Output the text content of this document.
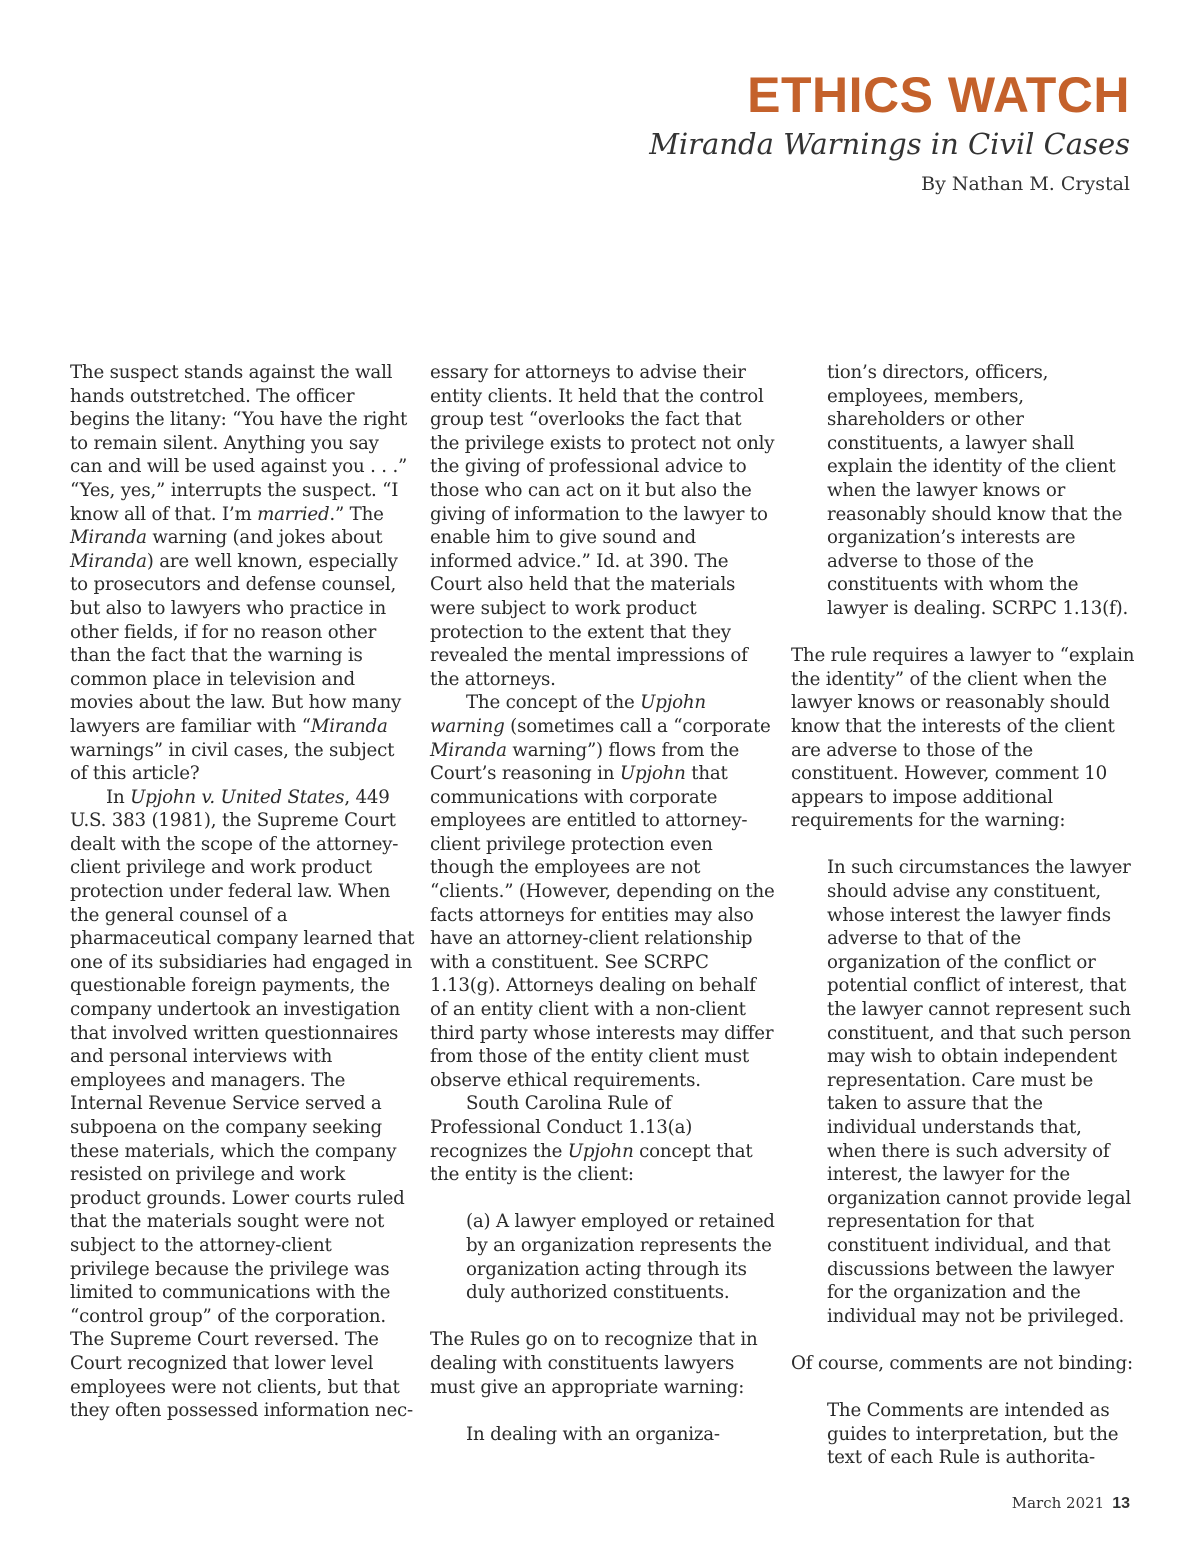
ETHICS WATCH
Miranda Warnings in Civil Cases
By Nathan M. Crystal

The suspect stands against the wall hands outstretched. The officer begins the litany: “You have the right to remain silent. Anything you say can and will be used against you . . .” “Yes, yes,” interrupts the suspect. “I know all of that. I’m married.” The Miranda warning (and jokes about Miranda) are well known, especially to prosecutors and defense counsel, but also to lawyers who practice in other fields, if for no reason other than the fact that the warning is common place in television and movies about the law. But how many lawyers are familiar with “Miranda warnings” in civil cases, the subject of this article?

In Upjohn v. United States, 449 U.S. 383 (1981), the Supreme Court dealt with the scope of the attorney-client privilege and work product protection under federal law. When the general counsel of a pharmaceutical company learned that one of its subsidiaries had engaged in questionable foreign payments, the company undertook an investigation that involved written questionnaires and personal interviews with employees and managers. The Internal Revenue Service served a subpoena on the company seeking these materials, which the company resisted on privilege and work product grounds. Lower courts ruled that the materials sought were not subject to the attorney-client privilege because the privilege was limited to communications with the “control group” of the corporation. The Supreme Court reversed. The Court recognized that lower level employees were not clients, but that they often possessed information nec-

essary for attorneys to advise their entity clients. It held that the control group test “overlooks the fact that the privilege exists to protect not only the giving of professional advice to those who can act on it but also the giving of information to the lawyer to enable him to give sound and informed advice.” Id. at 390. The Court also held that the materials were subject to work product protection to the extent that they revealed the mental impressions of the attorneys.

The concept of the Upjohn warning (sometimes call a “corporate Miranda warning”) flows from the Court’s reasoning in Upjohn that communications with corporate employees are entitled to attorney-client privilege protection even though the employees are not “clients.” (However, depending on the facts attorneys for entities may also have an attorney-client relationship with a constituent. See SCRPC 1.13(g). Attorneys dealing on behalf of an entity client with a non-client third party whose interests may differ from those of the entity client must observe ethical requirements.

South Carolina Rule of Professional Conduct 1.13(a) recognizes the Upjohn concept that the entity is the client:

(a) A lawyer employed or retained by an organization represents the organization acting through its duly authorized constituents.

The Rules go on to recognize that in dealing with constituents lawyers must give an appropriate warning:

In dealing with an organiza-

tion’s directors, officers, employees, members, shareholders or other constituents, a lawyer shall explain the identity of the client when the lawyer knows or reasonably should know that the organization’s interests are adverse to those of the constituents with whom the lawyer is dealing. SCRPC 1.13(f).

The rule requires a lawyer to “explain the identity” of the client when the lawyer knows or reasonably should know that the interests of the client are adverse to those of the constituent. However, comment 10 appears to impose additional requirements for the warning:

In such circumstances the lawyer should advise any constituent, whose interest the lawyer finds adverse to that of the organization of the conflict or potential conflict of interest, that the lawyer cannot represent such constituent, and that such person may wish to obtain independent representation. Care must be taken to assure that the individual understands that, when there is such adversity of interest, the lawyer for the organization cannot provide legal representation for that constituent individual, and that discussions between the lawyer for the organization and the individual may not be privileged.

Of course, comments are not binding:

The Comments are intended as guides to interpretation, but the text of each Rule is authorita-

March 2021 13
